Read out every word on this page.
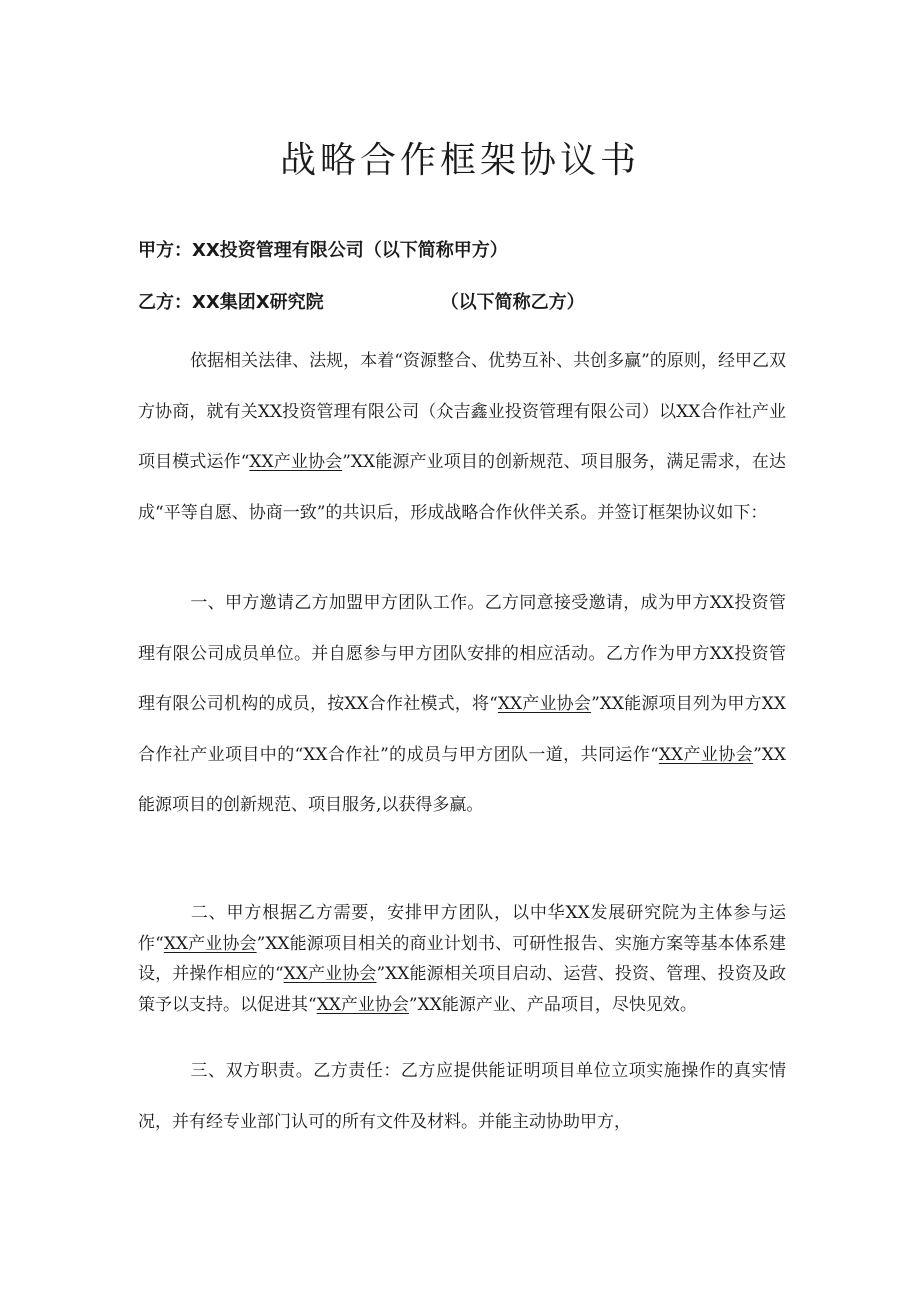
战略合作框架协议书
甲方：XX投资管理有限公司（以下简称甲方）
乙方：XX集团Ⅹ研究院　　　　　　　（以下简称乙方）

依据相关法律、法规，本着“资源整合、优势互补、共创多赢”的原则，经甲乙双方协商，就有关XX投资管理有限公司（众吉鑫业投资管理有限公司）以XX合作社产业项目模式运作“XX产业协会”XX能源产业项目的创新规范、项目服务，满足需求，在达成“平等自愿、协商一致”的共识后，形成战略合作伙伴关系。并签订框架协议如下：

一、甲方邀请乙方加盟甲方团队工作。乙方同意接受邀请，成为甲方XX投资管理有限公司成员单位。并自愿参与甲方团队安排的相应活动。乙方作为甲方XX投资管理有限公司机构的成员，按XX合作社模式，将“XX产业协会”XX能源项目列为甲方XX合作社产业项目中的“XX合作社”的成员与甲方团队一道，共同运作“XX产业协会”XX能源项目的创新规范、项目服务,以获得多赢。

二、甲方根据乙方需要，安排甲方团队，以中华XX发展研究院为主体参与运作“XX产业协会”XX能源项目相关的商业计划书、可研性报告、实施方案等基本体系建设，并操作相应的“XX产业协会”XX能源相关项目启动、运营、投资、管理、投资及政策予以支持。以促进其“XX产业协会”XX能源产业、产品项目，尽快见效。

三、双方职责。乙方责任：乙方应提供能证明项目单位立项实施操作的真实情况，并有经专业部门认可的所有文件及材料。并能主动协助甲方，
